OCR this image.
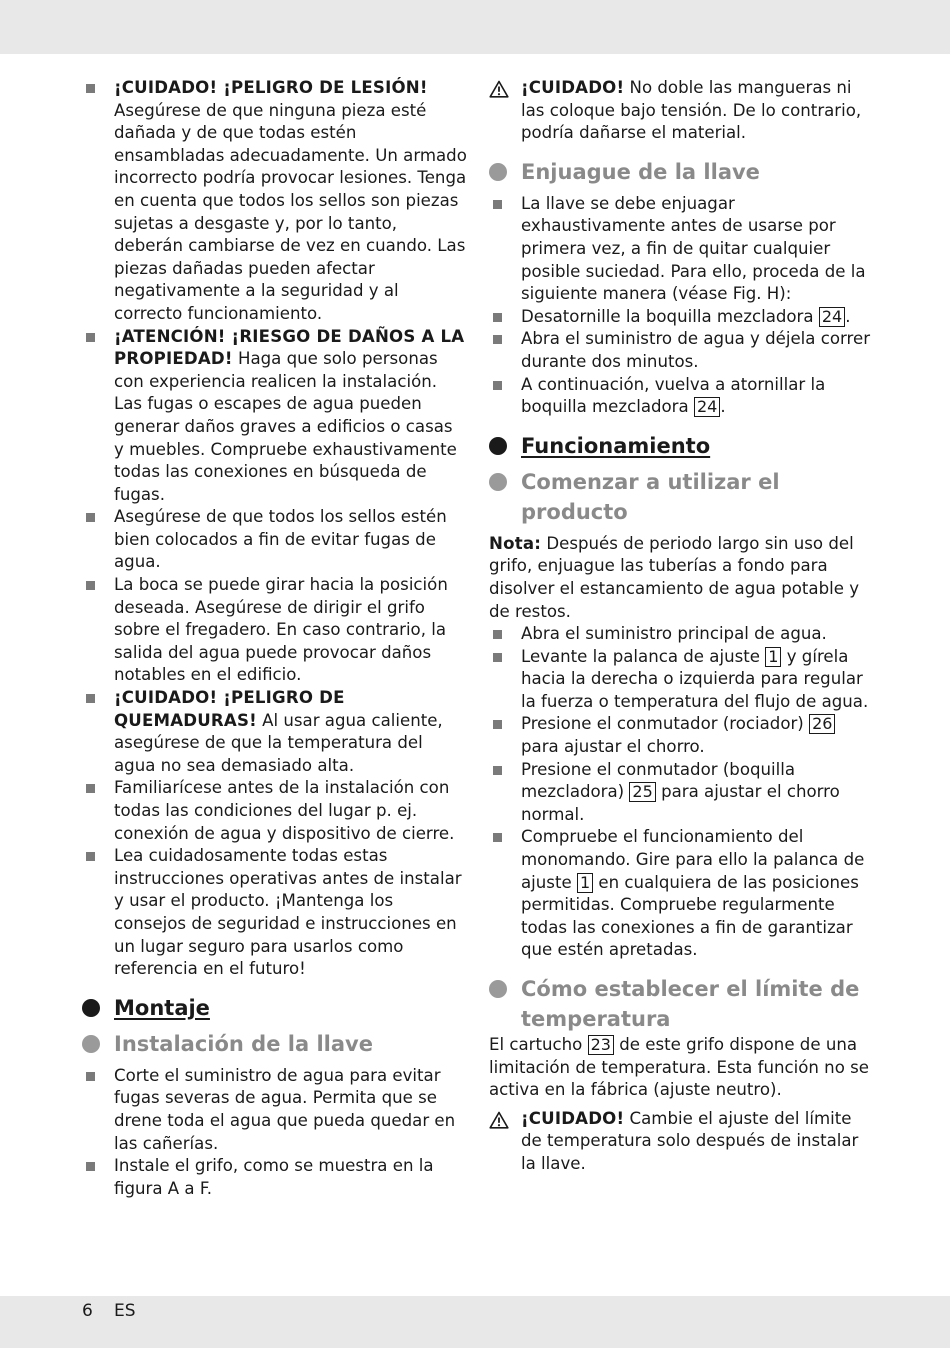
¡CUIDADO! ¡PELIGRO DE LESIÓN!
Asegúrese de que ninguna pieza esté dañada y de que todas estén ensambladas adecuadamente. Un armado incorrecto podría provocar lesiones. Tenga en cuenta que todos los sellos son piezas sujetas a desgaste y, por lo tanto, deberán cambiarse de vez en cuando. Las piezas dañadas pueden afectar negativamente a la seguridad y al correcto funcionamiento.

¡ATENCIÓN! ¡RIESGO DE DAÑOS A LA PROPIEDAD! Haga que solo personas con experiencia realicen la instalación. Las fugas o escapes de agua pueden generar daños graves a edificios o casas y muebles. Compruebe exhaustivamente todas las conexiones en búsqueda de fugas.

Asegúrese de que todos los sellos estén bien colocados a fin de evitar fugas de agua.

La boca se puede girar hacia la posición deseada. Asegúrese de dirigir el grifo sobre el fregadero. En caso contrario, la salida del agua puede provocar daños notables en el edificio.

¡CUIDADO! ¡PELIGRO DE QUEMADURAS! Al usar agua caliente, asegúrese de que la temperatura del agua no sea demasiado alta.

Familiarícese antes de la instalación con todas las condiciones del lugar p. ej. conexión de agua y dispositivo de cierre.

Lea cuidadosamente todas estas instrucciones operativas antes de instalar y usar el producto. ¡Mantenga los consejos de seguridad e instrucciones en un lugar seguro para usarlos como referencia en el futuro!

Montaje

Instalación de la llave

Corte el suministro de agua para evitar fugas severas de agua. Permita que se drene toda el agua que pueda quedar en las cañerías.

Instale el grifo, como se muestra en la figura A a F.

¡CUIDADO! No doble las mangueras ni las coloque bajo tensión. De lo contrario, podría dañarse el material.

Enjuague de la llave

La llave se debe enjuagar exhaustivamente antes de usarse por primera vez, a fin de quitar cualquier posible suciedad. Para ello, proceda de la siguiente manera (véase Fig. H):

Desatornille la boquilla mezcladora 24 .

Abra el suministro de agua y déjela correr durante dos minutos.

A continuación, vuelva a atornillar la boquilla mezcladora 24 .

Funcionamiento

Comenzar a utilizar el producto

Nota: Después de periodo largo sin uso del grifo, enjuague las tuberías a fondo para disolver el estancamiento de agua potable y de restos.

Abra el suministro principal de agua.

Levante la palanca de ajuste 1 y gírela hacia la derecha o izquierda para regular la fuerza o temperatura del flujo de agua.

Presione el conmutador (rociador) 26 para ajustar el chorro.

Presione el conmutador (boquilla mezcladora) 25 para ajustar el chorro normal.

Compruebe el funcionamiento del monomando. Gire para ello la palanca de ajuste 1 en cualquiera de las posiciones permitidas. Compruebe regularmente todas las conexiones a fin de garantizar que estén apretadas.

Cómo establecer el límite de temperatura

El cartucho 23 de este grifo dispone de una limitación de temperatura. Esta función no se activa en la fábrica (ajuste neutro).

¡CUIDADO! Cambie el ajuste del límite de temperatura solo después de instalar la llave.

6 ES
